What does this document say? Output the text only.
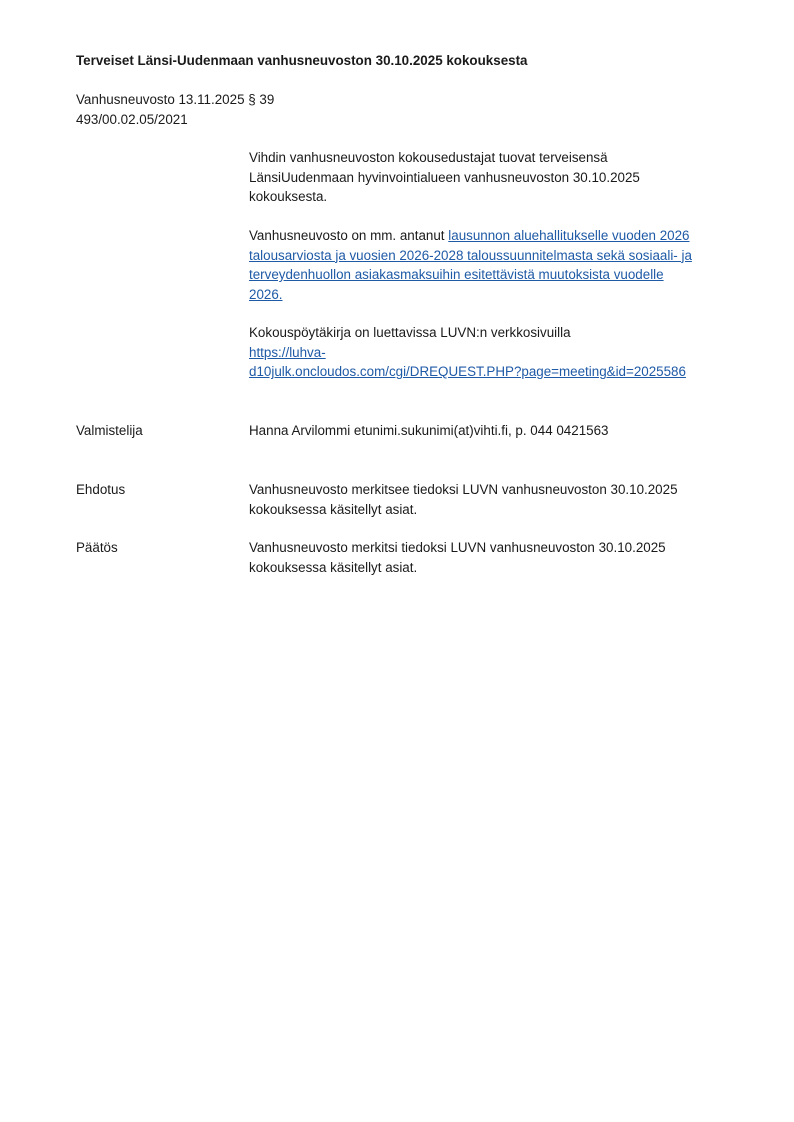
Terveiset Länsi-Uudenmaan vanhusneuvoston 30.10.2025 kokouksesta
Vanhusneuvosto 13.11.2025 § 39
493/00.02.05/2021
Vihdin vanhusneuvoston kokousedustajat tuovat terveisensä
LänsiUudenmaan hyvinvointialueen vanhusneuvoston 30.10.2025
kokouksesta.
Vanhusneuvosto on mm. antanut lausunnon aluehallitukselle vuoden 2026
talousarviosta ja vuosien 2026-2028 taloussuunnitelmasta sekä sosiaali- ja
terveydenhuollon asiakasmaksuihin esitettävistä muutoksista vuodelle
2026.
Kokouspöytäkirja on luettavissa LUVN:n verkkosivuilla
https://luhva-
d10julk.oncloudos.com/cgi/DREQUEST.PHP?page=meeting&id=2025586
Valmistelija	Hanna Arvilommi etunimi.sukunimi(at)vihti.fi, p. 044 0421563
Ehdotus	Vanhusneuvosto merkitsee tiedoksi LUVN vanhusneuvoston 30.10.2025
kokouksessa käsitellyt asiat.
Päätös	Vanhusneuvosto merkitsi tiedoksi LUVN vanhusneuvoston 30.10.2025
kokouksessa käsitellyt asiat.
